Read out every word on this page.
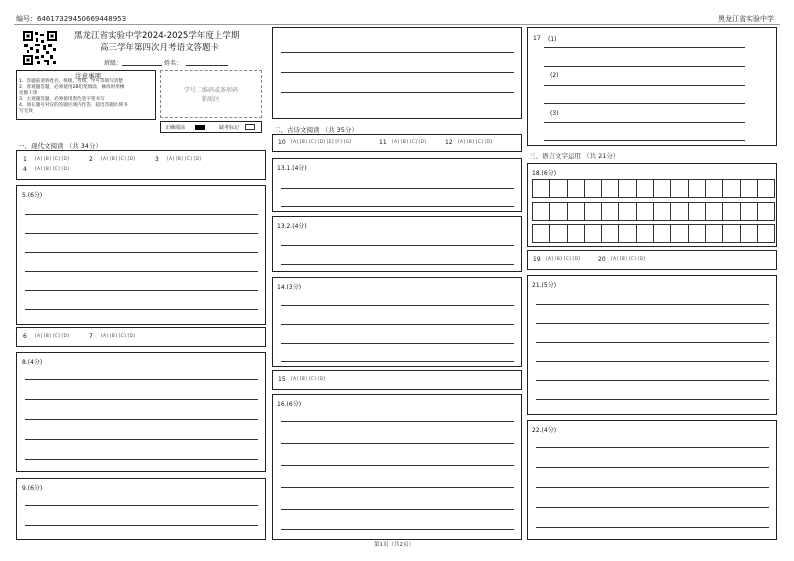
编号：6461732945066944895З	黑龙江省实验中学
黑龙江省实验中学2024-2025学年度上学期
高三学年第四次月考语文答题卡
班级：	姓名：
注意事项
1．答题前请将姓名、班级、考场、学号等填写清楚
2．客观题答题，必须使用2B铅笔填涂，修改时用橡
皮擦干净
3．主观题答题，必须使用黑色签字笔书写
4．须在题号对应的答题区域内作答，超出答题区域书
写无效
学号二维码或条形码
粘贴区
正确填涂	缺考标记
一、现代文阅读 （共 34分）
1 [A] [B] [C] [D]	2 [A] [B] [C] [D]	3 [A] [B] [C] [D]
4 [A] [B] [C] [D]
5.(6分)
6 [A] [B] [C] [D]	7 [A] [B] [C] [D]
8.(4分)
9.(6分)
二、古诗文阅读 （共 35分）
10 [A] [B] [C] [D] [E] [F] [G]	11 [A] [B] [C] [D]	12 [A] [B] [C] [D]
13.1.(4分)
13.2.(4分)
14.(3分)
15 [A] [B] [C] [D]
16.(6分)
17 (1)
(2)
(3)
三、语言文字运用 （共 21分）
18.(6分)
19 [A] [B] [C] [D]	20 [A] [B] [C] [D]
21.(5分)
22.(4分)
第1页（共2页）
